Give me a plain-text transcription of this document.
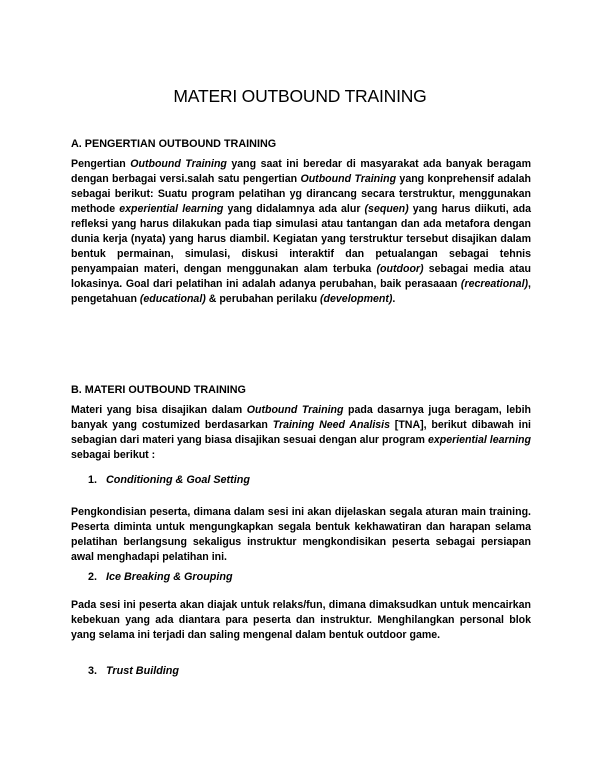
MATERI OUTBOUND TRAINING
A. PENGERTIAN OUTBOUND TRAINING

Pengertian Outbound Training yang saat ini beredar di masyarakat ada banyak beragam dengan berbagai versi.salah satu pengertian Outbound Training yang konprehensif adalah sebagai berikut: Suatu program pelatihan yg dirancang secara terstruktur, menggunakan methode experiential learning yang didalamnya ada alur (sequen) yang harus diikuti, ada refleksi yang harus dilakukan pada tiap simulasi atau tantangan dan ada metafora dengan dunia kerja (nyata) yang harus diambil. Kegiatan yang terstruktur tersebut disajikan dalam bentuk permainan, simulasi, diskusi interaktif dan petualangan sebagai tehnis penyampaian materi, dengan menggunakan alam terbuka (outdoor) sebagai media atau lokasinya. Goal dari pelatihan ini adalah adanya perubahan, baik perasaaan (recreational), pengetahuan (educational) & perubahan perilaku (development).

B. MATERI OUTBOUND TRAINING

Materi yang bisa disajikan dalam Outbound Training pada dasarnya juga beragam, lebih banyak yang costumized berdasarkan Training Need Analisis [TNA], berikut dibawah ini sebagian dari materi yang biasa disajikan sesuai dengan alur program experiential learning sebagai berikut :

1. Conditioning & Goal Setting

Pengkondisian peserta, dimana dalam sesi ini akan dijelaskan segala aturan main training. Peserta diminta untuk mengungkapkan segala bentuk kekhawatiran dan harapan selama pelatihan berlangsung sekaligus instruktur mengkondisikan peserta sebagai persiapan awal menghadapi pelatihan ini.

2. Ice Breaking & Grouping

Pada sesi ini peserta akan diajak untuk relaks/fun, dimana dimaksudkan untuk mencairkan kebekuan yang ada diantara para peserta dan instruktur. Menghilangkan personal blok yang selama ini terjadi dan saling mengenal dalam bentuk outdoor game.

3. Trust Building
